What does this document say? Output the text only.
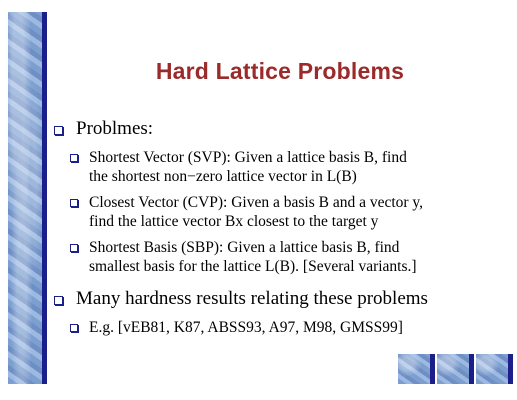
Hard Lattice Problems
Problmes:
Shortest Vector (SVP): Given a lattice basis B, find
the shortest non−zero lattice vector in L(B)
Closest Vector (CVP): Given a basis B and a vector y,
find the lattice vector Bx closest to the target y
Shortest Basis (SBP): Given a lattice basis B, find
smallest basis for the lattice L(B). [Several variants.]
Many hardness results relating these problems
E.g. [vEB81, K87, ABSS93, A97, M98, GMSS99]
